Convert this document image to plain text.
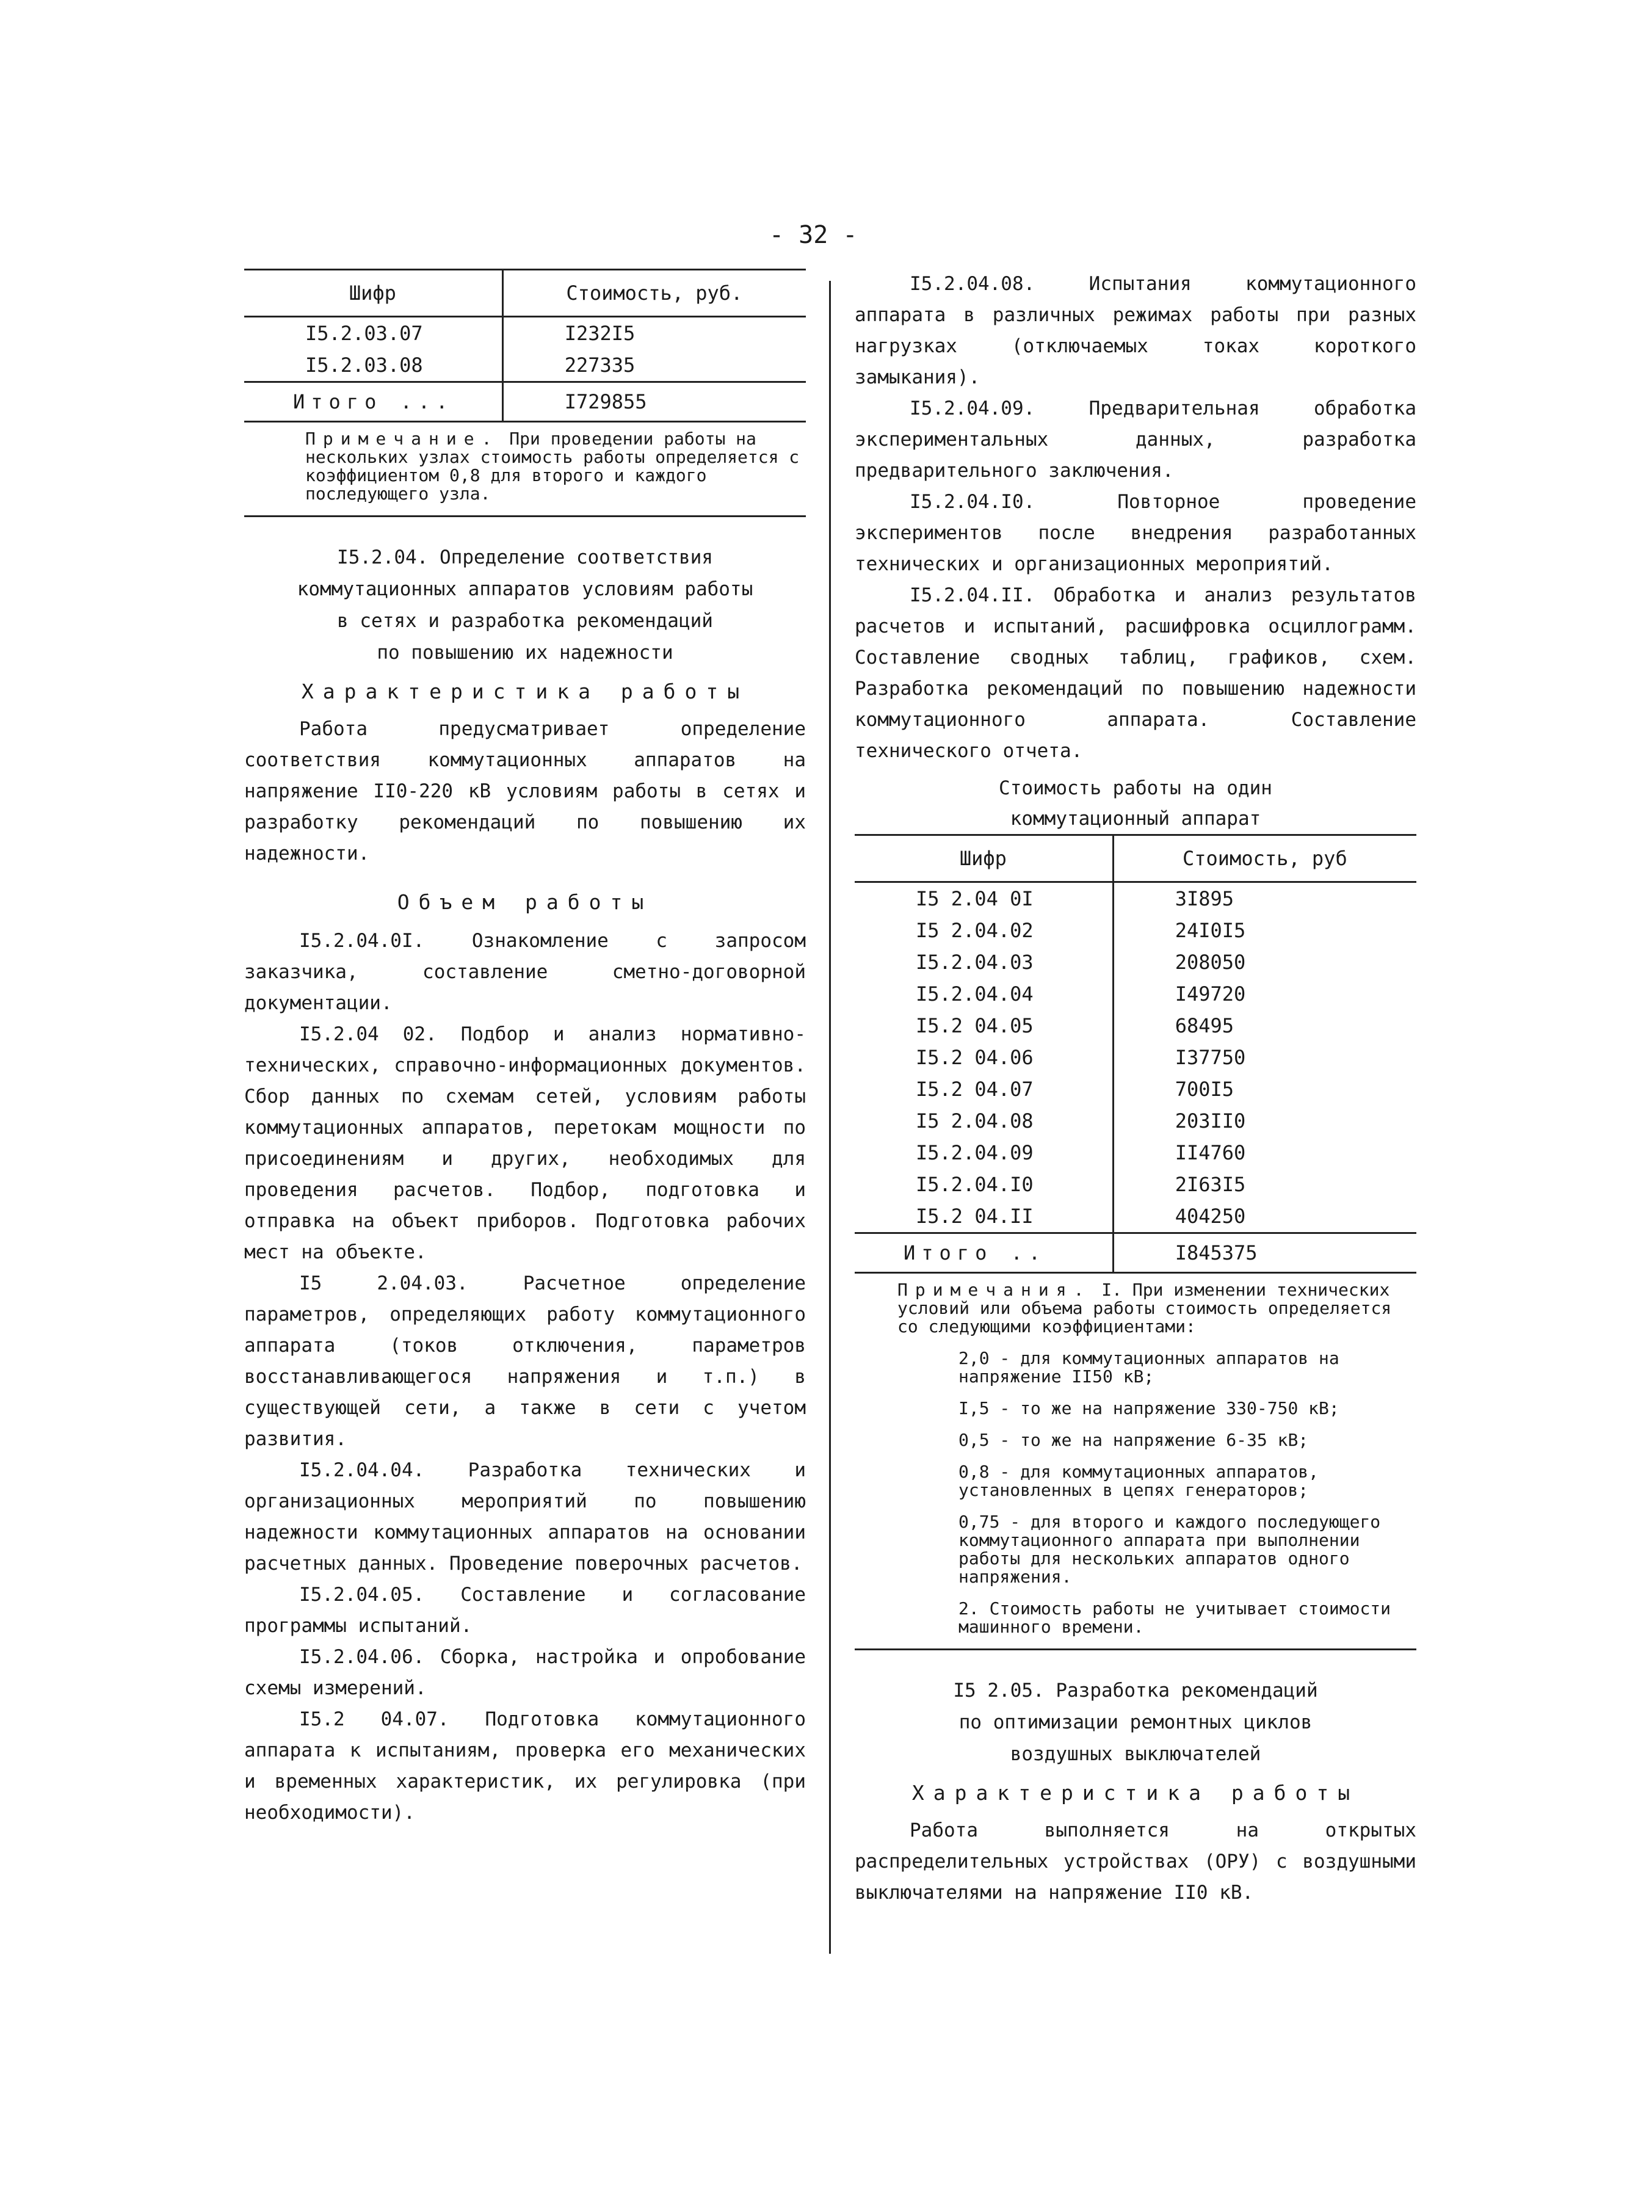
- 32 -
Шифр	Стоимость, руб.
I5.2.03.07	I232I5
I5.2.03.08	227335
Итого ...	I729855
Примечание. При проведении работы на нескольких узлах стоимость работы определяется с коэффициентом 0,8 для второго и каждого последующего узла.
I5.2.04. Определение соответствия
коммутационных аппаратов условиям работы
в сетях и разработка рекомендаций
по повышению их надежности
Характеристика работы

Работа предусматривает определение соответствия коммутационных аппаратов на напряжение II0-220 кВ условиям работы в сетях и разработку рекомендаций по повышению их надежности.

Объем работы

I5.2.04.0I. Ознакомление с запросом заказчика, составление сметно-договорной документации.

I5.2.04 02. Подбор и анализ нормативно-технических, справочно-информационных документов. Сбор данных по схемам сетей, условиям работы коммутационных аппаратов, перетокам мощности по присоединениям и других, необходимых для проведения расчетов. Подбор, подготовка и отправка на объект приборов. Подготовка рабочих мест на объекте.

I5 2.04.03. Расчетное определение параметров, определяющих работу коммутационного аппарата (токов отключения, параметров восстанавливающегося напряжения и т.п.) в существующей сети, а также в сети с учетом развития.

I5.2.04.04. Разработка технических и организационных мероприятий по повышению надежности коммутационных аппаратов на основании расчетных данных. Проведение поверочных расчетов.

I5.2.04.05. Составление и согласование программы испытаний.

I5.2.04.06. Сборка, настройка и опробование схемы измерений.

I5.2 04.07. Подготовка коммутационного аппарата к испытаниям, проверка его механических и временных характеристик, их регулировка (при необходимости).

I5.2.04.08. Испытания коммутационного аппарата в различных режимах работы при разных нагрузках (отключаемых токах короткого замыкания).

I5.2.04.09. Предварительная обработка экспериментальных данных, разработка предварительного заключения.

I5.2.04.I0. Повторное проведение экспериментов после внедрения разработанных технических и организационных мероприятий.

I5.2.04.II. Обработка и анализ результатов расчетов и испытаний, расшифровка осциллограмм. Составление сводных таблиц, графиков, схем. Разработка рекомендаций по повышению надежности коммутационного аппарата. Составление технического отчета.

Стоимость работы на один
коммутационный аппарат
Шифр	Стоимость, руб
I5 2.04 0I	3I895
I5 2.04.02	24I0I5
I5.2.04.03	208050
I5.2.04.04	I49720
I5.2 04.05	68495
I5.2 04.06	I37750
I5.2 04.07	700I5
I5 2.04.08	203II0
I5.2.04.09	II4760
I5.2.04.I0	2I63I5
I5.2 04.II	404250
Итого ..	I845375
Примечания. I. При изменении технических условий или объема работы стоимость определяется со следующими коэффициентами:
2,0 - для коммутационных аппаратов на напряжение II50 кВ;
I,5 - то же на напряжение 330-750 кВ;
0,5 - то же на напряжение 6-35 кВ;
0,8 - для коммутационных аппаратов, установленных в цепях генераторов;
0,75 - для второго и каждого последующего коммутационного аппарата при выполнении работы для нескольких аппаратов одного напряжения.
2. Стоимость работы не учитывает стоимости машинного времени.
I5 2.05. Разработка рекомендаций
по оптимизации ремонтных циклов
воздушных выключателей
Характеристика работы

Работа выполняется на открытых распределительных устройствах (ОРУ) с воздушными выключателями на напряжение II0 кВ.
